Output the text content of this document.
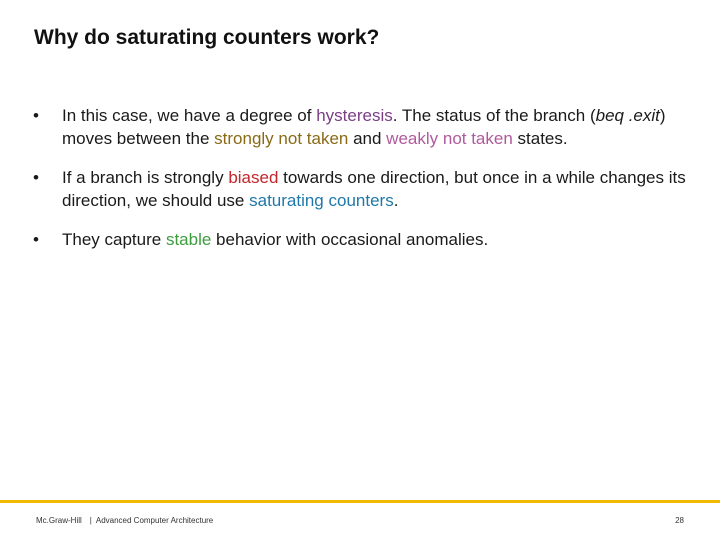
Why do saturating counters work?
• In this case, we have a degree of hysteresis. The status of the branch (beq .exit) moves between the strongly not taken and weakly not taken states.
• If a branch is strongly biased towards one direction, but once in a while changes its direction, we should use saturating counters.
• They capture stable behavior with occasional anomalies.
Mc.Graw-Hill | Advanced Computer Architecture	28
